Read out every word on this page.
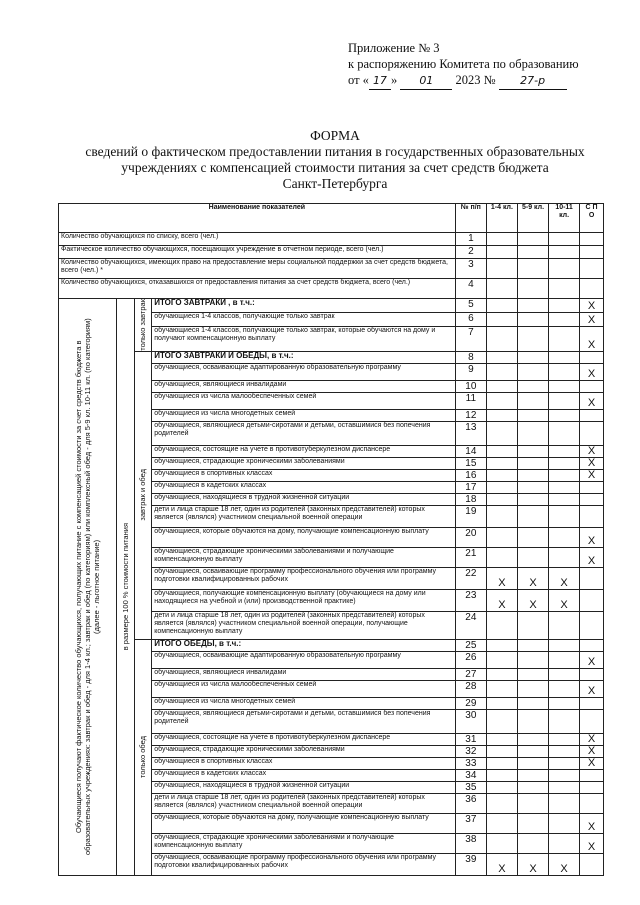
Приложение № 3
к распоряжению Комитета по образованию
от « 17 » 01 2023 № 27-р
ФОРМА
сведений о фактическом предоставлении питания в государственных образовательных
учреждениях с компенсацией стоимости питания за счет средств бюджета
Санкт-Петербурга
Наименование показателей				№ п/п	1-4 кл.	5-9 кл.	10-11 кл.	С П О
Количество обучающихся по списку, всего (чел.)				1				
Фактическое количество обучающихся, посещающих учреждение в отчетном периоде, всего (чел.)				2				
Количество обучающихся, имеющих право на предоставление меры социальной поддержки за счет средств бюджета, всего (чел.) *				3				
Количество обучающихся, отказавшихся от предоставления питания за счет средств бюджета, всего (чел.)				4				

Обучающиеся получают фактическое количество обучающихся, получающих питание с компенсацией стоимости за счет средств бюджета в образовательных учреждениях: завтрак и обед - для 1-4 кл.; завтрак и обед (по категориям) или комплексный обед - для 5-9 кл. 10-11 кл. (по категориям) (далее - льготное питание)	в размере 100 % стоимости питания	только завтрак	ИТОГО ЗАВТРАКИ , в т.ч.:	5				X
			обучающиеся 1-4 классов, получающие только завтрак	6				X
			обучающиеся 1-4 классов, получающие только завтрак, которые обучаются на дому и получают компенсационную выплату	7				X

		завтрак и обед	ИТОГО ЗАВТРАКИ И ОБЕДЫ, в т.ч.:	8				
			обучающиеся, осваивающие адаптированную образовательную программу	9				X
			обучающиеся, являющиеся инвалидами	10				
			обучающиеся из числа малообеспеченных семей	11				X
			обучающиеся из числа многодетных семей	12				
			обучающиеся, являющиеся детьми-сиротами и детьми, оставшимися без попечения родителей	13				
			обучающиеся, состоящие на учете в противотуберкулезном диспансере	14				X
			обучающиеся, страдающие хроническими заболеваниями	15				X
			обучающиеся в спортивных классах	16				X
			обучающиеся в кадетских классах	17				
			обучающиеся, находящиеся в трудной жизненной ситуации	18				
			дети и лица старше 18 лет, один из родителей (законных представителей) которых является (являлся) участником специальной военной операции	19				
			обучающиеся, которые обучаются на дому, получающие компенсационную выплату	20				X
			обучающиеся, страдающие хроническими заболеваниями и получающие компенсационную выплату	21				X
			обучающиеся, осваивающие программу профессионального обучения или программу подготовки квалифицированных рабочих	22	X	X	X	
			обучающиеся, получающие компенсационную выплату (обучающиеся на дому или находящиеся на учебной и (или) производственной практике)	23	X	X	X	
			дети и лица старше 18 лет, один из родителей (законных представителей) которых является (являлся) участником специальной военной операции, получающие компенсационную выплату	24				

		только обед	ИТОГО ОБЕДЫ, в т.ч.:	25				
			обучающиеся, осваивающие адаптированную образовательную программу	26				X
			обучающиеся, являющиеся инвалидами	27				
			обучающиеся из числа малообеспеченных семей	28				X
			обучающиеся из числа многодетных семей	29				
			обучающиеся, являющиеся детьми-сиротами и детьми, оставшимися без попечения родителей	30				
			обучающиеся, состоящие на учете в противотуберкулезном диспансере	31				X
			обучающиеся, страдающие хроническими заболеваниями	32				X
			обучающиеся в спортивных классах	33				X
			обучающиеся в кадетских классах	34				
			обучающиеся, находящиеся в трудной жизненной ситуации	35				
			дети и лица старше 18 лет, один из родителей (законных представителей) которых является (являлся) участником специальной военной операции	36				
			обучающиеся, которые обучаются на дому, получающие компенсационную выплату	37				X
			обучающиеся, страдающие хроническими заболеваниями и получающие компенсационную выплату	38				X
			обучающиеся, осваивающие программу профессионального обучения или программу подготовки квалифицированных рабочих	39	X	X	X	
